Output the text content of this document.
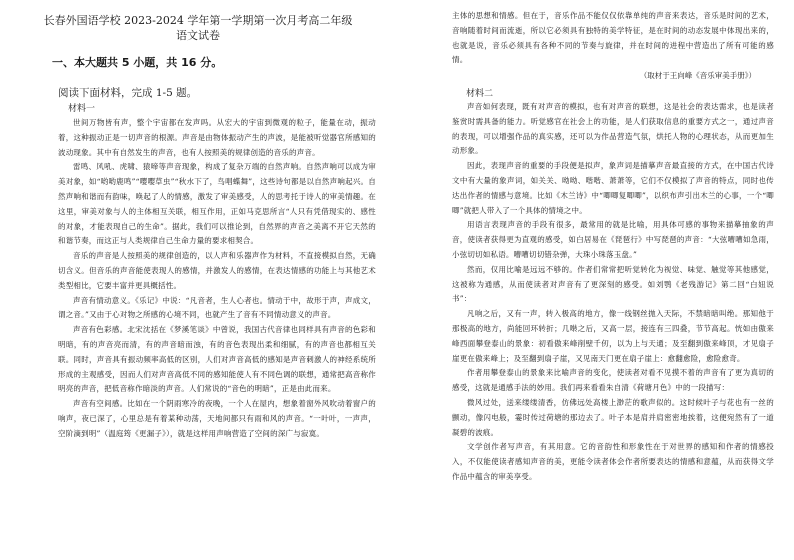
长春外国语学校 2023-2024 学年第一学期第一次月考高二年级
语文试卷
一、本大题共 5 小题，共 16 分。

阅读下面材料，完成 1-5 题。

材料一

世间万物皆有声，整个宇宙都在发声吗。从宏大的宇宙到微观的粒子，能量在动，振动着，这种振动正是一切声音的根源。声音是由物体振动产生的声波，是能被听觉器官所感知的波动现象。其中有自然发生的声音，也有人按照美的规律创造的音乐的声音。

雷鸣、风吼、虎啸、猿啼等声音现象，构成了复杂万端的自然声响。自然声响可以成为审美对象，如“哟哟鹿鸣”“嘤嘤草虫”“秋水下了，鸟唱蝶舞”，这些诗句都是以自然声响起兴。自然声响和谐而有韵味，唤起了人的情感，激发了审美感受，人的思考托于诗人的审美情趣。在这里，审美对象与人的主体相互关联，相互作用，正如马克思所言“人只有凭借现实的、感性的对象，才能表现自己的生命”。据此，我们可以推论到，自然界的声音之美离不开它天然的和谐节奏，而这正与人类规律自己生命力量的要求相契合。

音乐的声音是人按照美的规律创造的，以人声和乐器声作为材料，不直接模拟自然，无确切含义。但音乐的声音能使表现人的感情，并激发人的感情，在表达情感的功能上与其他艺术类型相比，它要丰富并更具概括性。

声音有情动意义。《乐记》中说：“凡音者，生人心者也。情动于中，故形于声，声成文，谓之音。”又由于心对物之所感的心境不同，也就产生了音有不同情动意义的声音。

声音有色彩感。北宋沈括在《梦溪笔谈》中曾说，我国古代音律也同样具有声音的色彩和明暗，有的声音亮而清，有的声音暗而浊，有的音色表现出柔和细腻，有的声音也都相互关联。同时，声音具有振动频率高低的区别，人们对声音高低的感知是声音刺激人的神经系统所形成的主观感受，因而人们对声音高低不同的感知能使人有不同色调的联想，通常把高音称作明亮的声音，把低音称作暗淡的声音。人们常说的“音色的明暗”，正是由此而来。

声音有空间感。比如在一个阴雨寒冷的夜晚，一个人在屋内，想象着窗外风吹动着窗户的响声，夜已深了，心里总是有着某种动荡，天地间都只有雨和风的声音。“一叶叶，一声声，空阶滴到明”（温庭筠《更漏子》），就是这样用声响营造了空间的深广与寂寞。

主体的思想和情感。但在于，音乐作品不能仅仅依靠单纯的声音来表达，音乐是时间的艺术，音响随着时间而流逝，所以它必须具有独特的美学特征，是在时间的动态发展中体现出来的，也就是说，音乐必须具有各种不同的节奏与旋律，并在时间的进程中营造出了所有可能的感情。

（取材于王向峰《音乐审美手册》）

材料二

声音如何表现，既有对声音的模拟，也有对声音的联想，这是社会的表达需求，也是读者鉴赏时需具备的能力。听觉感官在社会上的功能，是人们获取信息的重要方式之一，通过声音的表现，可以增强作品的真实感，还可以为作品营造气氛，烘托人物的心理状态，从而更加生动形象。

因此，表现声音的重要的手段便是拟声，象声词是描摹声音最直接的方式，在中国古代诗文中有大量的象声词，如关关、呦呦、喈喈、萧萧等，它们不仅模拟了声音的特点，同时也传达出作者的情感与意境。比如《木兰诗》中“唧唧复唧唧”，以织布声引出木兰的心事，一个“唧唧”就把人带入了一个具体的情境之中。

用语言表现声音的手段有很多，最常用的就是比喻，用具体可感的事物来描摹抽象的声音，使读者获得更为直观的感受，如白居易在《琵琶行》中写琵琶的声音：“大弦嘈嘈如急雨，小弦切切如私语。嘈嘈切切错杂弹，大珠小珠落玉盘。”

然而，仅用比喻是远远不够的。作者们常常把听觉转化为视觉、味觉、触觉等其他感觉，这被称为通感，从而使读者对声音有了更深刻的感受。如刘鹗《老残游记》第二回“白妞说书”：

凡响之后，又有一声，转入极高的地方，像一线钢丝抛入天际，不禁暗暗叫绝。那知他于那极高的地方，尚能回环转折；几啭之后，又高一层，接连有三四叠，节节高起。恍如由傲来峰西面攀登泰山的景象：初看傲来峰削壁千仞，以为上与天通；及至翻到傲来峰顶，才见扇子崖更在傲来峰上；及至翻到扇子崖，又见南天门更在扇子崖上：愈翻愈险，愈险愈奇。

作者用攀登泰山的景象来比喻声音的变化，使读者对看不见摸不着的声音有了更为真切的感受，这就是通感手法的妙用。我们再来看看朱自清《荷塘月色》中的一段描写：

微风过处，送来缕缕清香，仿佛远处高楼上渺茫的歌声似的。这时候叶子与花也有一丝的颤动，像闪电般，霎时传过荷塘的那边去了。叶子本是肩并肩密密地挨着，这便宛然有了一道凝碧的波痕。

文学创作者写声音，有其用意。它的音韵性和形象性在于对世界的感知和作者的情感投入，不仅能使读者感知声音的美，更能令读者体会作者所要表达的情感和意蕴，从而获得文学作品中蕴含的审美享受。
